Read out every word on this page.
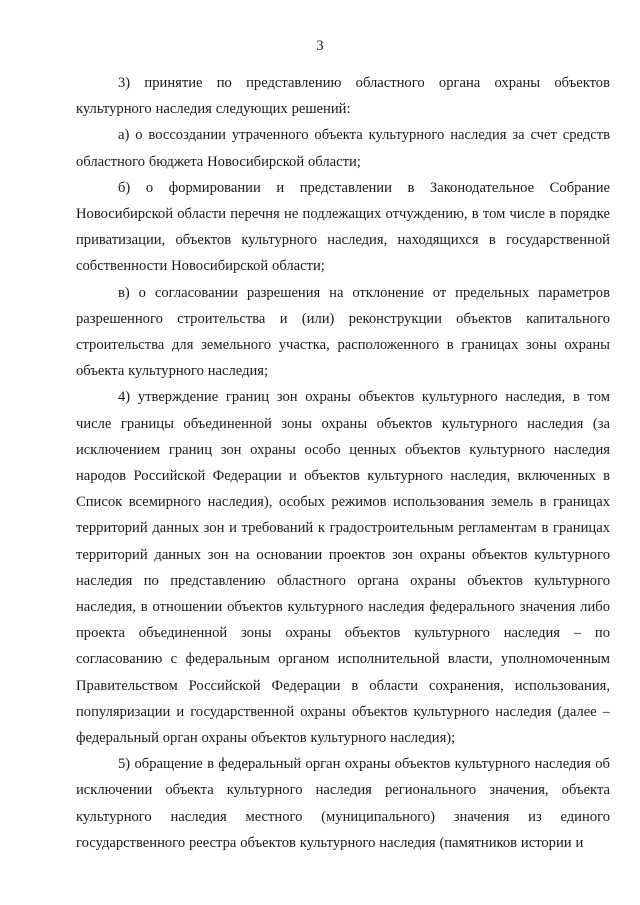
3

3) принятие по представлению областного органа охраны объектов культурного наследия следующих решений:

а) о воссоздании утраченного объекта культурного наследия за счет средств областного бюджета Новосибирской области;

б) о формировании и представлении в Законодательное Собрание Новосибирской области перечня не подлежащих отчуждению, в том числе в порядке приватизации, объектов культурного наследия, находящихся в государственной собственности Новосибирской области;

в) о согласовании разрешения на отклонение от предельных параметров разрешенного строительства и (или) реконструкции объектов капитального строительства для земельного участка, расположенного в границах зоны охраны объекта культурного наследия;

4) утверждение границ зон охраны объектов культурного наследия, в том числе границы объединенной зоны охраны объектов культурного наследия (за исключением границ зон охраны особо ценных объектов культурного наследия народов Российской Федерации и объектов культурного наследия, включенных в Список всемирного наследия), особых режимов использования земель в границах территорий данных зон и требований к градостроительным регламентам в границах территорий данных зон на основании проектов зон охраны объектов культурного наследия по представлению областного органа охраны объектов культурного наследия, в отношении объектов культурного наследия федерального значения либо проекта объединенной зоны охраны объектов культурного наследия – по согласованию с федеральным органом исполнительной власти, уполномоченным Правительством Российской Федерации в области сохранения, использования, популяризации и государственной охраны объектов культурного наследия (далее – федеральный орган охраны объектов культурного наследия);

5) обращение в федеральный орган охраны объектов культурного наследия об исключении объекта культурного наследия регионального значения, объекта культурного наследия местного (муниципального) значения из единого государственного реестра объектов культурного наследия (памятников истории и
